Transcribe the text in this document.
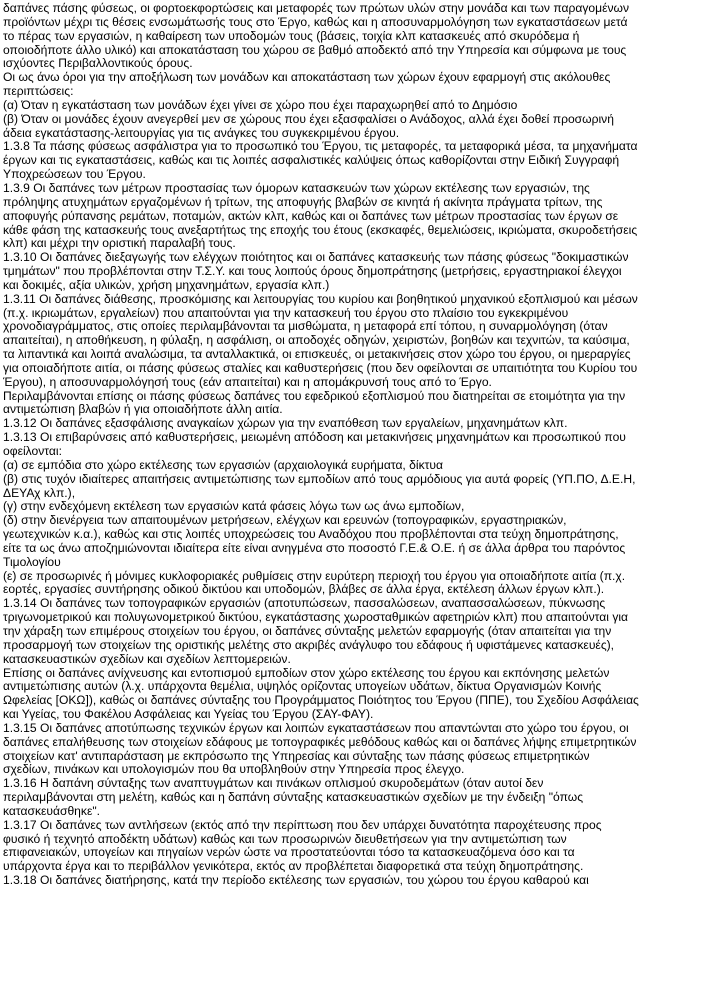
δαπάνες πάσης φύσεως, οι φορτοεκφορτώσεις και μεταφορές των πρώτων υλών στην μονάδα και των παραγομένων
προϊόντων μέχρι τις θέσεις ενσωμάτωσής τους στο Έργο, καθώς και η αποσυναρμολόγηση των εγκαταστάσεων μετά
το πέρας των εργασιών, η καθαίρεση των υποδομών τους (βάσεις, τοιχία κλπ κατασκευές από σκυρόδεμα ή
οποιοδήποτε άλλο υλικό) και αποκατάσταση του χώρου σε βαθμό αποδεκτό από την Υπηρεσία και σύμφωνα με τους
ισχύοντες Περιβαλλοντικούς όρους.
Οι ως άνω όροι για την αποξήλωση των μονάδων και αποκατάσταση των χώρων έχουν εφαρμογή στις ακόλουθες
περιπτώσεις:
(α) Όταν η εγκατάσταση των μονάδων έχει γίνει σε χώρο που έχει παραχωρηθεί από το Δημόσιο
(β) Όταν οι μονάδες έχουν ανεγερθεί μεν σε χώρους που έχει εξασφαλίσει ο Ανάδοχος, αλλά έχει δοθεί προσωρινή
άδεια εγκατάστασης-λειτουργίας για τις ανάγκες του συγκεκριμένου έργου.
1.3.8 Τα πάσης φύσεως ασφάλιστρα για το προσωπικό του Έργου, τις μεταφορές, τα μεταφορικά μέσα, τα μηχανήματα
έργων και τις εγκαταστάσεις, καθώς και τις λοιπές ασφαλιστικές καλύψεις όπως καθορίζονται στην Ειδική Συγγραφή
Υποχρεώσεων του Έργου.
1.3.9 Οι δαπάνες των μέτρων προστασίας των όμορων κατασκευών των χώρων εκτέλεσης των εργασιών, της
πρόληψης ατυχημάτων εργαζομένων ή τρίτων, της αποφυγής βλαβών σε κινητά ή ακίνητα πράγματα τρίτων, της
αποφυγής ρύπανσης ρεμάτων, ποταμών, ακτών κλπ, καθώς και οι δαπάνες των μέτρων προστασίας των έργων σε
κάθε φάση της κατασκευής τους ανεξαρτήτως της εποχής του έτους (εκσκαφές, θεμελιώσεις, ικριώματα, σκυροδετήσεις
κλπ) και μέχρι την οριστική παραλαβή τους.
1.3.10 Οι δαπάνες διεξαγωγής των ελέγχων ποιότητος και οι δαπάνες κατασκευής των πάσης φύσεως "δοκιμαστικών
τμημάτων" που προβλέπονται στην Τ.Σ.Υ. και τους λοιπούς όρους δημοπράτησης (μετρήσεις, εργαστηριακοί έλεγχοι
και δοκιμές, αξία υλικών, χρήση μηχανημάτων, εργασία κλπ.)
1.3.11 Οι δαπάνες διάθεσης, προσκόμισης και λειτουργίας του κυρίου και βοηθητικού μηχανικού εξοπλισμού και μέσων
(π.χ. ικριωμάτων, εργαλείων) που απαιτούνται για την κατασκευή του έργου στο πλαίσιο του εγκεκριμένου
χρονοδιαγράμματος, στις οποίες περιλαμβάνονται τα μισθώματα, η μεταφορά επί τόπου, η συναρμολόγηση (όταν
απαιτείται), η αποθήκευση, η φύλαξη, η ασφάλιση, οι αποδοχές οδηγών, χειριστών, βοηθών και τεχνιτών, τα καύσιμα,
τα λιπαντικά και λοιπά αναλώσιμα, τα ανταλλακτικά, οι επισκευές, οι μετακινήσεις στον χώρο του έργου, οι ημεραργίες
για οποιαδήποτε αιτία, οι πάσης φύσεως σταλίες και καθυστερήσεις (που δεν οφείλονται σε υπαιτιότητα του Κυρίου του
Έργου), η αποσυναρμολόγησή τους (εάν απαιτείται) και η απομάκρυνσή τους από το Έργο.
Περιλαμβάνονται επίσης οι πάσης φύσεως δαπάνες του εφεδρικού εξοπλισμού που διατηρείται σε ετοιμότητα για την
αντιμετώπιση βλαβών ή για οποιαδήποτε άλλη αιτία.
1.3.12 Οι δαπάνες εξασφάλισης αναγκαίων χώρων για την εναπόθεση των εργαλείων, μηχανημάτων κλπ.
1.3.13 Οι επιβαρύνσεις από καθυστερήσεις, μειωμένη απόδοση και μετακινήσεις μηχανημάτων και προσωπικού που
οφείλονται:
(α) σε εμπόδια στο χώρο εκτέλεσης των εργασιών (αρχαιολογικά ευρήματα, δίκτυα
(β) στις τυχόν ιδιαίτερες απαιτήσεις αντιμετώπισης των εμποδίων από τους αρμόδιους για αυτά φορείς (ΥΠ.ΠΟ, Δ.Ε.Η,
ΔΕΥΑχ κλπ.),
(γ) στην ενδεχόμενη εκτέλεση των εργασιών κατά φάσεις λόγω των ως άνω εμποδίων,
(δ) στην διενέργεια των απαιτουμένων μετρήσεων, ελέγχων και ερευνών (τοπογραφικών, εργαστηριακών,
γεωτεχνικών κ.α.), καθώς και στις λοιπές υποχρεώσεις του Αναδόχου που προβλέπονται στα τεύχη δημοπράτησης,
είτε τα ως άνω αποζημιώνονται ιδιαίτερα είτε είναι ανηγμένα στο ποσοστό Γ.Ε.& Ο.Ε. ή σε άλλα άρθρα του παρόντος
Τιμολογίου
(ε) σε προσωρινές ή μόνιμες κυκλοφοριακές ρυθμίσεις στην ευρύτερη περιοχή του έργου για οποιαδήποτε αιτία (π.χ.
εορτές, εργασίες συντήρησης οδικού δικτύου και υποδομών, βλάβες σε άλλα έργα, εκτέλεση άλλων έργων κλπ.).
1.3.14 Οι δαπάνες των τοπογραφικών εργασιών (αποτυπώσεων, πασσαλώσεων, αναπασσαλώσεων, πύκνωσης
τριγωνομετρικού και πολυγωνομετρικού δικτύου, εγκατάστασης χωροσταθμικών αφετηριών κλπ) που απαιτούνται για
την χάραξη των επιμέρους στοιχείων του έργου, οι δαπάνες σύνταξης μελετών εφαρμογής (όταν απαιτείται για την
προσαρμογή των στοιχείων της οριστικής μελέτης στο ακριβές ανάγλυφο του εδάφους ή υφιστάμενες κατασκευές),
κατασκευαστικών σχεδίων και σχεδίων λεπτομερειών.
Επίσης οι δαπάνες ανίχνευσης και εντοπισμού εμποδίων στον χώρο εκτέλεσης του έργου και εκπόνησης μελετών
αντιμετώπισης αυτών (λ.χ. υπάρχοντα θεμέλια, υψηλός ορίζοντας υπογείων υδάτων, δίκτυα Οργανισμών Κοινής
Ωφελείας [ΟΚΩ]), καθώς οι δαπάνες σύνταξης του Προγράμματος Ποιότητος του Έργου (ΠΠΕ), του Σχεδίου Ασφάλειας
και Υγείας, του Φακέλου Ασφάλειας και Υγείας του Έργου (ΣΑΥ-ΦΑΥ).
1.3.15 Οι δαπάνες αποτύπωσης τεχνικών έργων και λοιπών εγκαταστάσεων που απαντώνται στο χώρο του έργου, οι
δαπάνες επαλήθευσης των στοιχείων εδάφους με τοπογραφικές μεθόδους καθώς και οι δαπάνες λήψης επιμετρητικών
στοιχείων κατ' αντιπαράσταση με εκπρόσωπο της Υπηρεσίας και σύνταξης των πάσης φύσεως επιμετρητικών
σχεδίων, πινάκων και υπολογισμών που θα υποβληθούν στην Υπηρεσία προς έλεγχο.
1.3.16 Η δαπάνη σύνταξης των αναπτυγμάτων και πινάκων οπλισμού σκυροδεμάτων (όταν αυτοί δεν
περιλαμβάνονται στη μελέτη, καθώς και η δαπάνη σύνταξης κατασκευαστικών σχεδίων με την ένδειξη "όπως
κατασκευάσθηκε".
1.3.17 Οι δαπάνες των αντλήσεων (εκτός από την περίπτωση που δεν υπάρχει δυνατότητα παροχέτευσης προς
φυσικό ή τεχνητό αποδέκτη υδάτων) καθώς και των προσωρινών διευθετήσεων για την αντιμετώπιση των
επιφανειακών, υπογείων και πηγαίων νερών ώστε να προστατεύονται τόσο τα κατασκευαζόμενα όσο και τα
υπάρχοντα έργα και το περιβάλλον γενικότερα, εκτός αν προβλέπεται διαφορετικά στα τεύχη δημοπράτησης.
1.3.18 Οι δαπάνες διατήρησης, κατά την περίοδο εκτέλεσης των εργασιών, του χώρου του έργου καθαρού και
